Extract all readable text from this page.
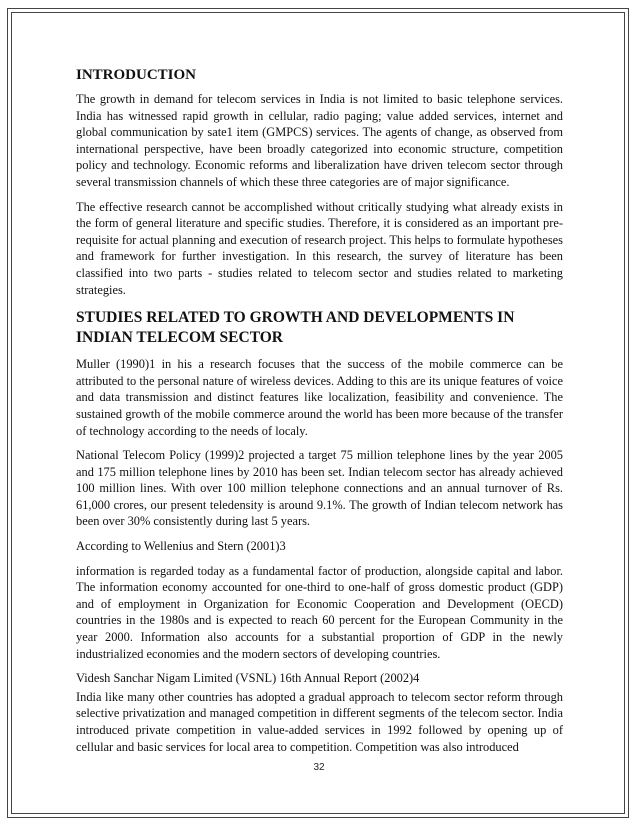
INTRODUCTION

The growth in demand for telecom services in India is not limited to basic telephone services. India has witnessed rapid growth in cellular, radio paging; value added services, internet and global communication by sate1 item (GMPCS) services. The agents of change, as observed from international perspective, have been broadly categorized into economic structure, competition policy and technology. Economic reforms and liberalization have driven telecom sector through several transmission channels of which these three categories are of major significance.

The effective research cannot be accomplished without critically studying what already exists in the form of general literature and specific studies. Therefore, it is considered as an important pre-requisite for actual planning and execution of research project. This helps to formulate hypotheses and framework for further investigation. In this research, the survey of literature has been classified into two parts - studies related to telecom sector and studies related to marketing strategies.

STUDIES RELATED TO GROWTH AND DEVELOPMENTS IN INDIAN TELECOM SECTOR

Muller (1990)1 in his a research focuses that the success of the mobile commerce can be attributed to the personal nature of wireless devices. Adding to this are its unique features of voice and data transmission and distinct features like localization, feasibility and convenience. The sustained growth of the mobile commerce around the world has been more because of the transfer of technology according to the needs of localy.

National Telecom Policy (1999)2 projected a target 75 million telephone lines by the year 2005 and 175 million telephone lines by 2010 has been set. Indian telecom sector has already achieved 100 million lines. With over 100 million telephone connections and an annual turnover of Rs. 61,000 crores, our present teledensity is around 9.1%. The growth of Indian telecom network has been over 30% consistently during last 5 years.

According to Wellenius and Stern (2001)3

information is regarded today as a fundamental factor of production, alongside capital and labor. The information economy accounted for one-third to one-half of gross domestic product (GDP) and of employment in Organization for Economic Cooperation and Development (OECD) countries in the 1980s and is expected to reach 60 percent for the European Community in the year 2000. Information also accounts for a substantial proportion of GDP in the newly industrialized economies and the modern sectors of developing countries.

Videsh Sanchar Nigam Limited (VSNL) 16th Annual Report (2002)4

India like many other countries has adopted a gradual approach to telecom sector reform through selective privatization and managed competition in different segments of the telecom sector. India introduced private competition in value-added services in 1992 followed by opening up of cellular and basic services for local area to competition. Competition was also introduced

32
